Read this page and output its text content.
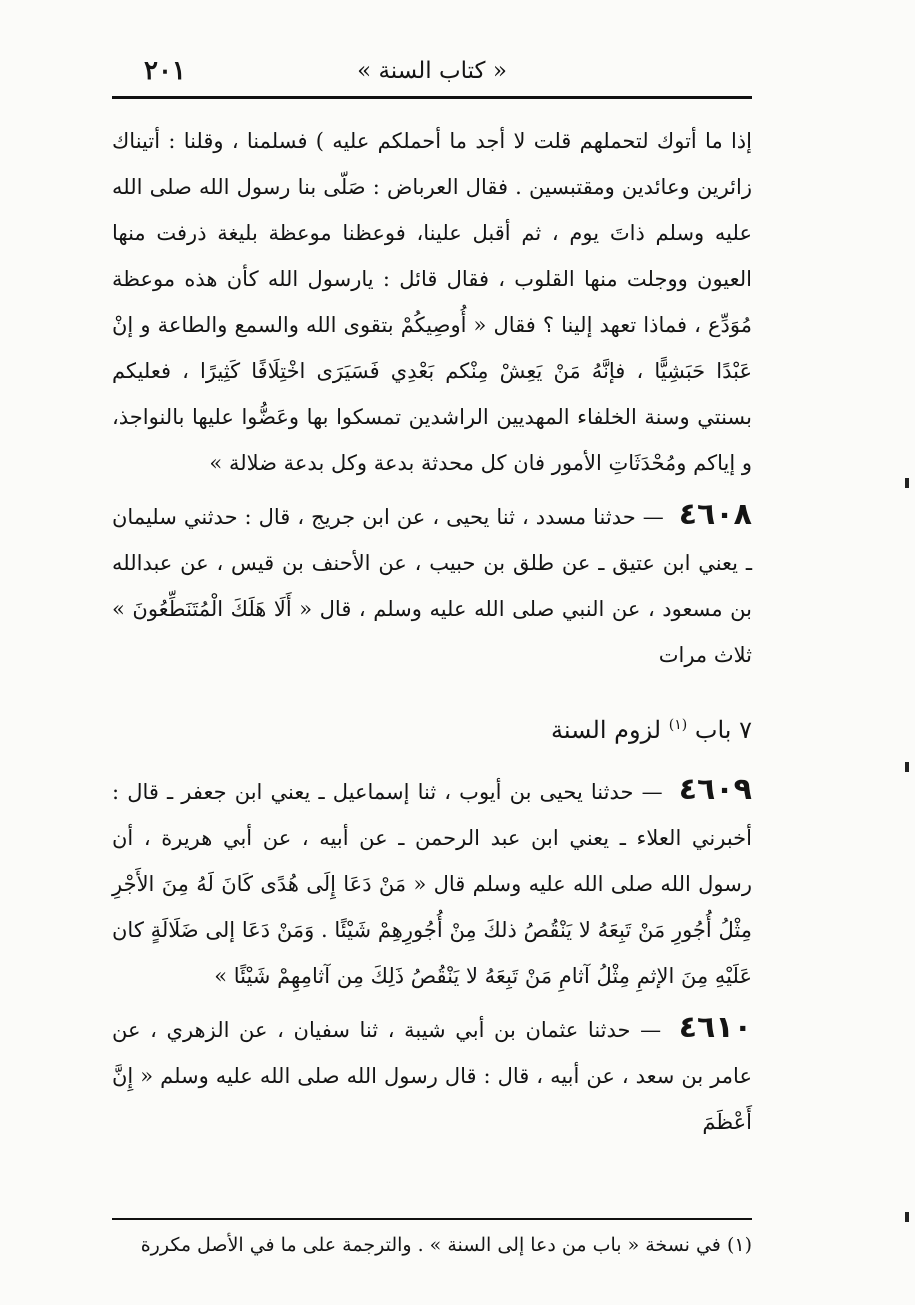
٢٠١	« كتاب السنة »

إذا ما أتوك لتحملهم قلت لا أجد ما أحملكم عليه ) فسلمنا ، وقلنا : أتيناك زائرين وعائدين ومقتبسين . فقال العرباض : صَلّى بنا رسول الله صلى الله عليه وسلم ذاتَ يوم ، ثم أقبل علينا، فوعظنا موعظة بليغة ذرفت منها العيون ووجلت منها القلوب ، فقال قائل : يارسول الله كأن هذه موعظة مُوَدِّع ، فماذا تعهد إلينا ؟ فقال « أُوصِيكُمْ بتقوى الله والسمع والطاعة و إنْ عَبْدًا حَبَشِيًّا ، فإنَّهُ مَنْ يَعِشْ مِنْكم بَعْدِي فَسَيَرَى اخْتِلَافًا كَثِيرًا ، فعليكم بسنتي وسنة الخلفاء المهديين الراشدين تمسكوا بها وعَضُّوا عليها بالنواجذ، و إياكم ومُحْدَثَاتِ الأمور فان كل محدثة بدعة وكل بدعة ضلالة »

٤٦٠٨ — حدثنا مسدد ، ثنا يحيى ، عن ابن جريج ، قال : حدثني سليمان ـ يعني ابن عتيق ـ عن طلق بن حبيب ، عن الأحنف بن قيس ، عن عبدالله بن مسعود ، عن النبي صلى الله عليه وسلم ، قال « أَلَا هَلَكَ الْمُتَنَطِّعُونَ » ثلاث مرات

٧ باب $^{(١)}$ لزوم السنة

٤٦٠٩ — حدثنا يحيى بن أيوب ، ثنا إسماعيل ـ يعني ابن جعفر ـ قال : أخبرني العلاء ـ يعني ابن عبد الرحمن ـ عن أبيه ، عن أبي هريرة ، أن رسول الله صلى الله عليه وسلم قال « مَنْ دَعَا إِلَى هُدًى كَانَ لَهُ مِنَ الأَجْرِ مِثْلُ أُجُورِ مَنْ تَبِعَهُ لا يَنْقُصُ ذلكَ مِنْ أُجُورِهِمْ شَيْئًا . وَمَنْ دَعَا إلى ضَلَالَةٍ كان عَلَيْهِ مِنَ الإثمِ مِثْلُ آثامِ مَنْ تَبِعَهُ لا يَنْقُصُ ذَلِكَ مِن آثامِهِمْ شَيْئًا »

٤٦١٠ — حدثنا عثمان بن أبي شيبة ، ثنا سفيان ، عن الزهري ، عن عامر بن سعد ، عن أبيه ، قال : قال رسول الله صلى الله عليه وسلم « إِنَّ أَعْظَمَ

(١) في نسخة « باب من دعا إلى السنة » . والترجمة على ما في الأصل مكررة
